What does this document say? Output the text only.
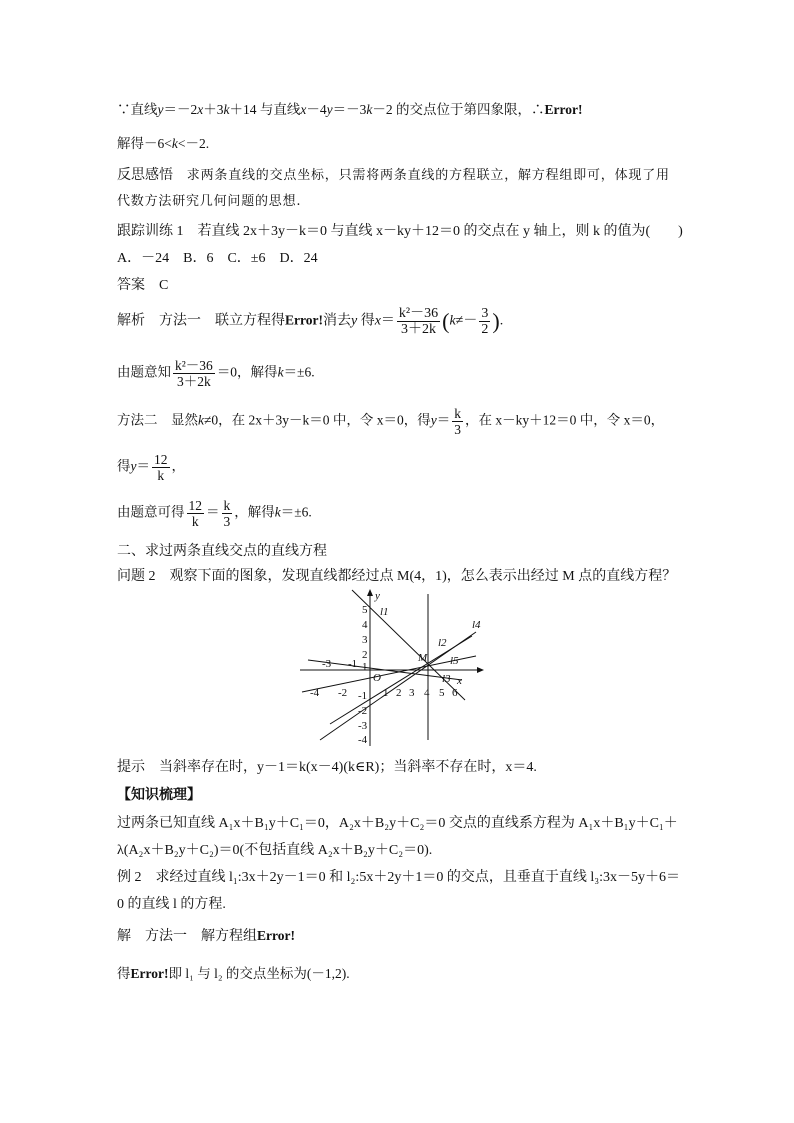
∵直线y＝－2x＋3k＋14 与直线x－4y＝－3k－2 的交点位于第四象限，∴Error!
解得－6<k<－2.
反思感悟　求两条直线的交点坐标，只需将两条直线的方程联立，解方程组即可，体现了用
代数方法研究几何问题的思想.
跟踪训练 1　若直线 2x＋3y－k＝0 与直线 x－ky＋12＝0 的交点在 y 轴上，则 k 的值为(　　)
A．－24　B．6　C．±6　D．24
答案　C
解析　方法一　联立方程得Error!消去y 得$x= \frac{\text{k²－36}}{3+2k} (k\ne- \frac{3}{2}$ ).
由题意知 $\frac{\text{k²－36}}{3+2k} =0$，解得k＝±6.
方法二　显然k≠0，在 2x＋3y－k＝0 中，令 x＝0，得$y= \frac{k}{3}$ ，在 x－ky＋12＝0 中，令 x＝0，
得$y= \frac{12}{k}$ ，
由题意可得 $\frac{12}{k} = \frac{k}{3}$ ，解得k＝±6.
二、求过两条直线交点的直线方程
问题 2　观察下面的图象，发现直线都经过点 M(4，1)，怎么表示出经过 M 点的直线方程？
y
x
O
M
l1
l2
l3
l4
l5
5
4
3
2
-1
-2
-3
-4
-4 -2	1 2 3 4 5 6
-3 -1 1
提示　当斜率存在时，y－1＝k(x－4)(k∈R)；当斜率不存在时，x＝4.
【知识梳理】
过两条已知直线 A₁x＋B₁y＋C₁＝0，A₂x＋B₂y＋C₂＝0 交点的直线系方程为 A₁x＋B₁y＋C₁＋
λ(A₂x＋B₂y＋C₂)＝0(不包括直线 A₂x＋B₂y＋C₂＝0).
例 2　求经过直线 l₁:3x＋2y－1＝0 和 l₂:5x＋2y＋1＝0 的交点，且垂直于直线 l₃:3x－5y＋6＝
0 的直线 l 的方程.
解　方法一　解方程组Error!
得Error!即 l₁ 与 l₂ 的交点坐标为(－1,2).
